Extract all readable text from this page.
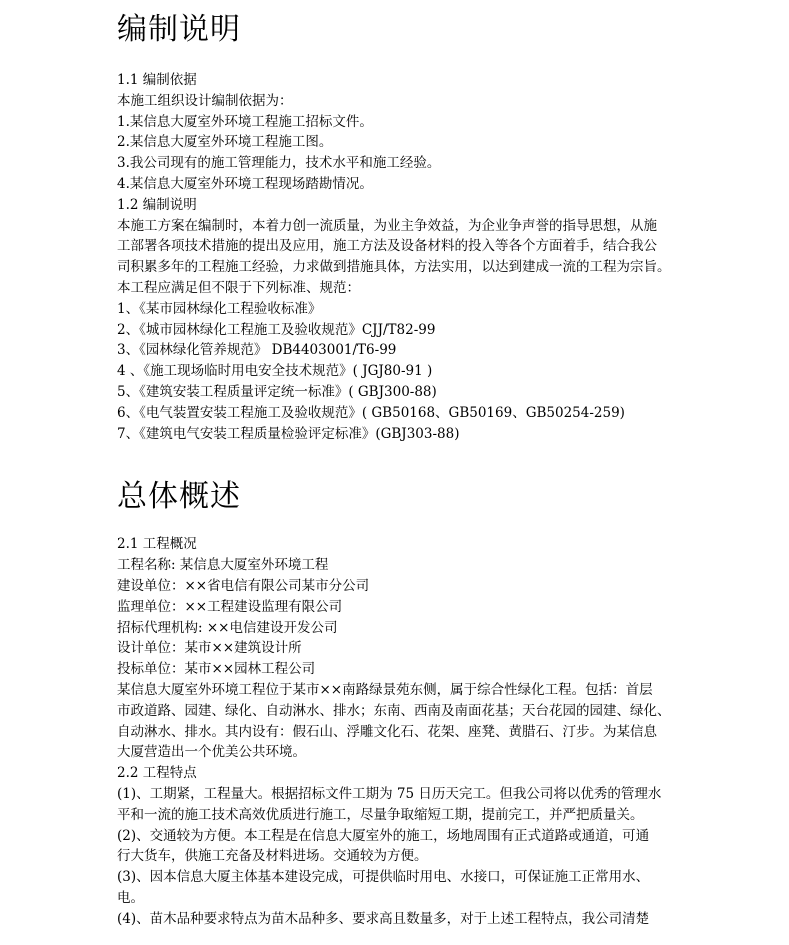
编制说明

1.1 编制依据

本施工组织设计编制依据为：

1.某信息大厦室外环境工程施工招标文件。

2.某信息大厦室外环境工程施工图。

3.我公司现有的施工管理能力，技术水平和施工经验。

4.某信息大厦室外环境工程现场踏勘情况。

1.2 编制说明

本施工方案在编制时，本着力创一流质量，为业主争效益，为企业争声誉的指导思想，从施

工部署各项技术措施的提出及应用，施工方法及设备材料的投入等各个方面着手，结合我公

司积累多年的工程施工经验，力求做到措施具体，方法实用，以达到建成一流的工程为宗旨。

本工程应满足但不限于下列标准、规范：

1、《某市园林绿化工程验收标准》

2、《城市园林绿化工程施工及验收规范》CJJ/T82-99

3、《园林绿化管养规范》 DB4403001/T6-99

4 、《施工现场临时用电安全技术规范》( JGJ80-91 )

5、《建筑安装工程质量评定统一标准》( GBJ300-88)

6、《电气装置安装工程施工及验收规范》( GB50168、GB50169、GB50254-259)

7、《建筑电气安装工程质量检验评定标准》(GBJ303-88)

总体概述

2.1 工程概况

工程名称: 某信息大厦室外环境工程

建设单位：××省电信有限公司某市分公司

监理单位：××工程建设监理有限公司

招标代理机构: ××电信建设开发公司

设计单位：某市××建筑设计所

投标单位：某市××园林工程公司

某信息大厦室外环境工程位于某市××南路绿景苑东侧，属于综合性绿化工程。包括：首层

市政道路、园建、绿化、自动淋水、排水；东南、西南及南面花基；天台花园的园建、绿化、

自动淋水、排水。其内设有：假石山、浮雕文化石、花架、座凳、黄腊石、汀步。为某信息

大厦营造出一个优美公共环境。

2.2 工程特点

(1)、工期紧，工程量大。根据招标文件工期为 75 日历天完工。但我公司将以优秀的管理水

平和一流的施工技术高效优质进行施工，尽量争取缩短工期，提前完工，并严把质量关。

(2)、交通较为方便。本工程是在信息大厦室外的施工，场地周围有正式道路或通道，可通

行大货车，供施工充备及材料进场。交通较为方便。

(3)、因本信息大厦主体基本建设完成，可提供临时用电、水接口，可保证施工正常用水、

电。

(4)、苗木品种要求特点为苗木品种多、要求高且数量多，对于上述工程特点，我公司清楚
